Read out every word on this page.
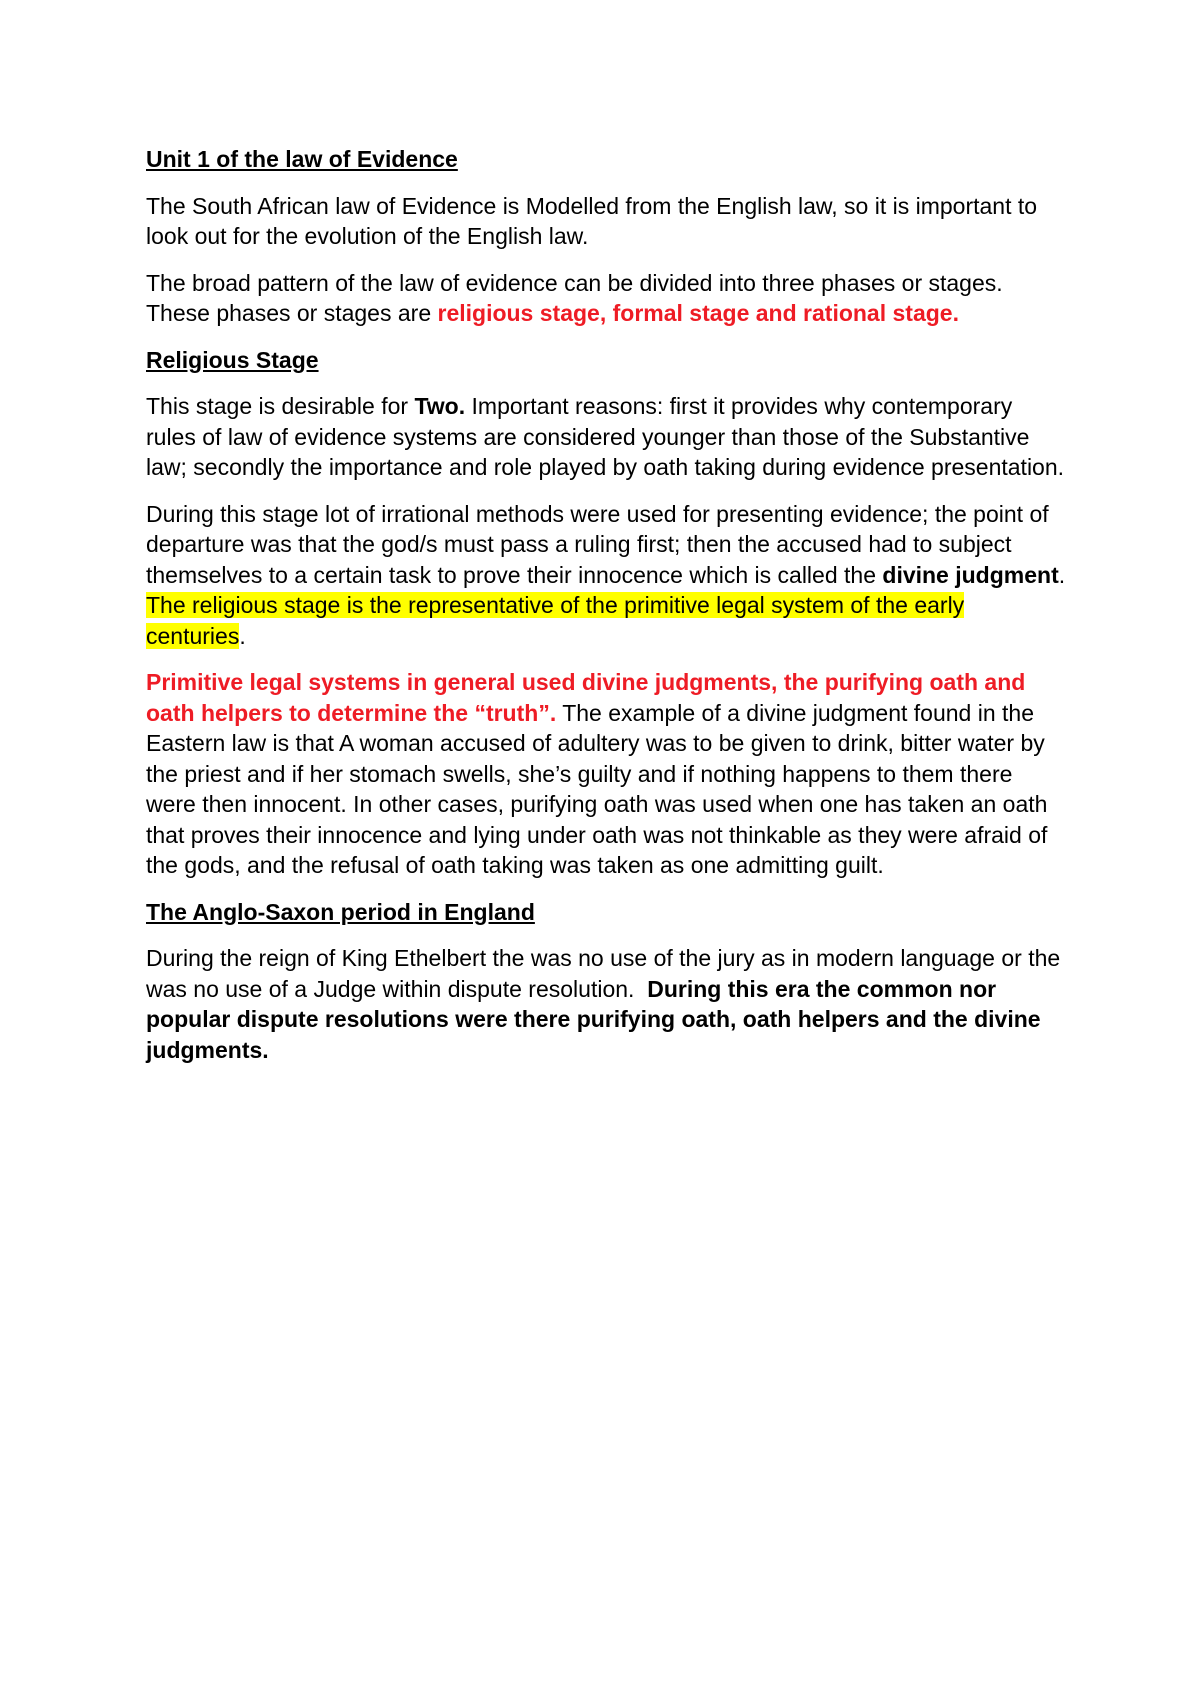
Unit 1 of the law of Evidence
The South African law of Evidence is Modelled from the English law, so it is important to look out for the evolution of the English law.
The broad pattern of the law of evidence can be divided into three phases or stages. These phases or stages are religious stage, formal stage and rational stage.
Religious Stage
This stage is desirable for Two. Important reasons: first it provides why contemporary rules of law of evidence systems are considered younger than those of the Substantive law; secondly the importance and role played by oath taking during evidence presentation.
During this stage lot of irrational methods were used for presenting evidence; the point of departure was that the god/s must pass a ruling first; then the accused had to subject themselves to a certain task to prove their innocence which is called the divine judgment. The religious stage is the representative of the primitive legal system of the early centuries.
Primitive legal systems in general used divine judgments, the purifying oath and oath helpers to determine the “truth”. The example of a divine judgment found in the Eastern law is that A woman accused of adultery was to be given to drink, bitter water by the priest and if her stomach swells, she’s guilty and if nothing happens to them there were then innocent. In other cases, purifying oath was used when one has taken an oath that proves their innocence and lying under oath was not thinkable as they were afraid of the gods, and the refusal of oath taking was taken as one admitting guilt.
The Anglo-Saxon period in England
During the reign of King Ethelbert the was no use of the jury as in modern language or the was no use of a Judge within dispute resolution.  During this era the common nor popular dispute resolutions were there purifying oath, oath helpers and the divine judgments.
